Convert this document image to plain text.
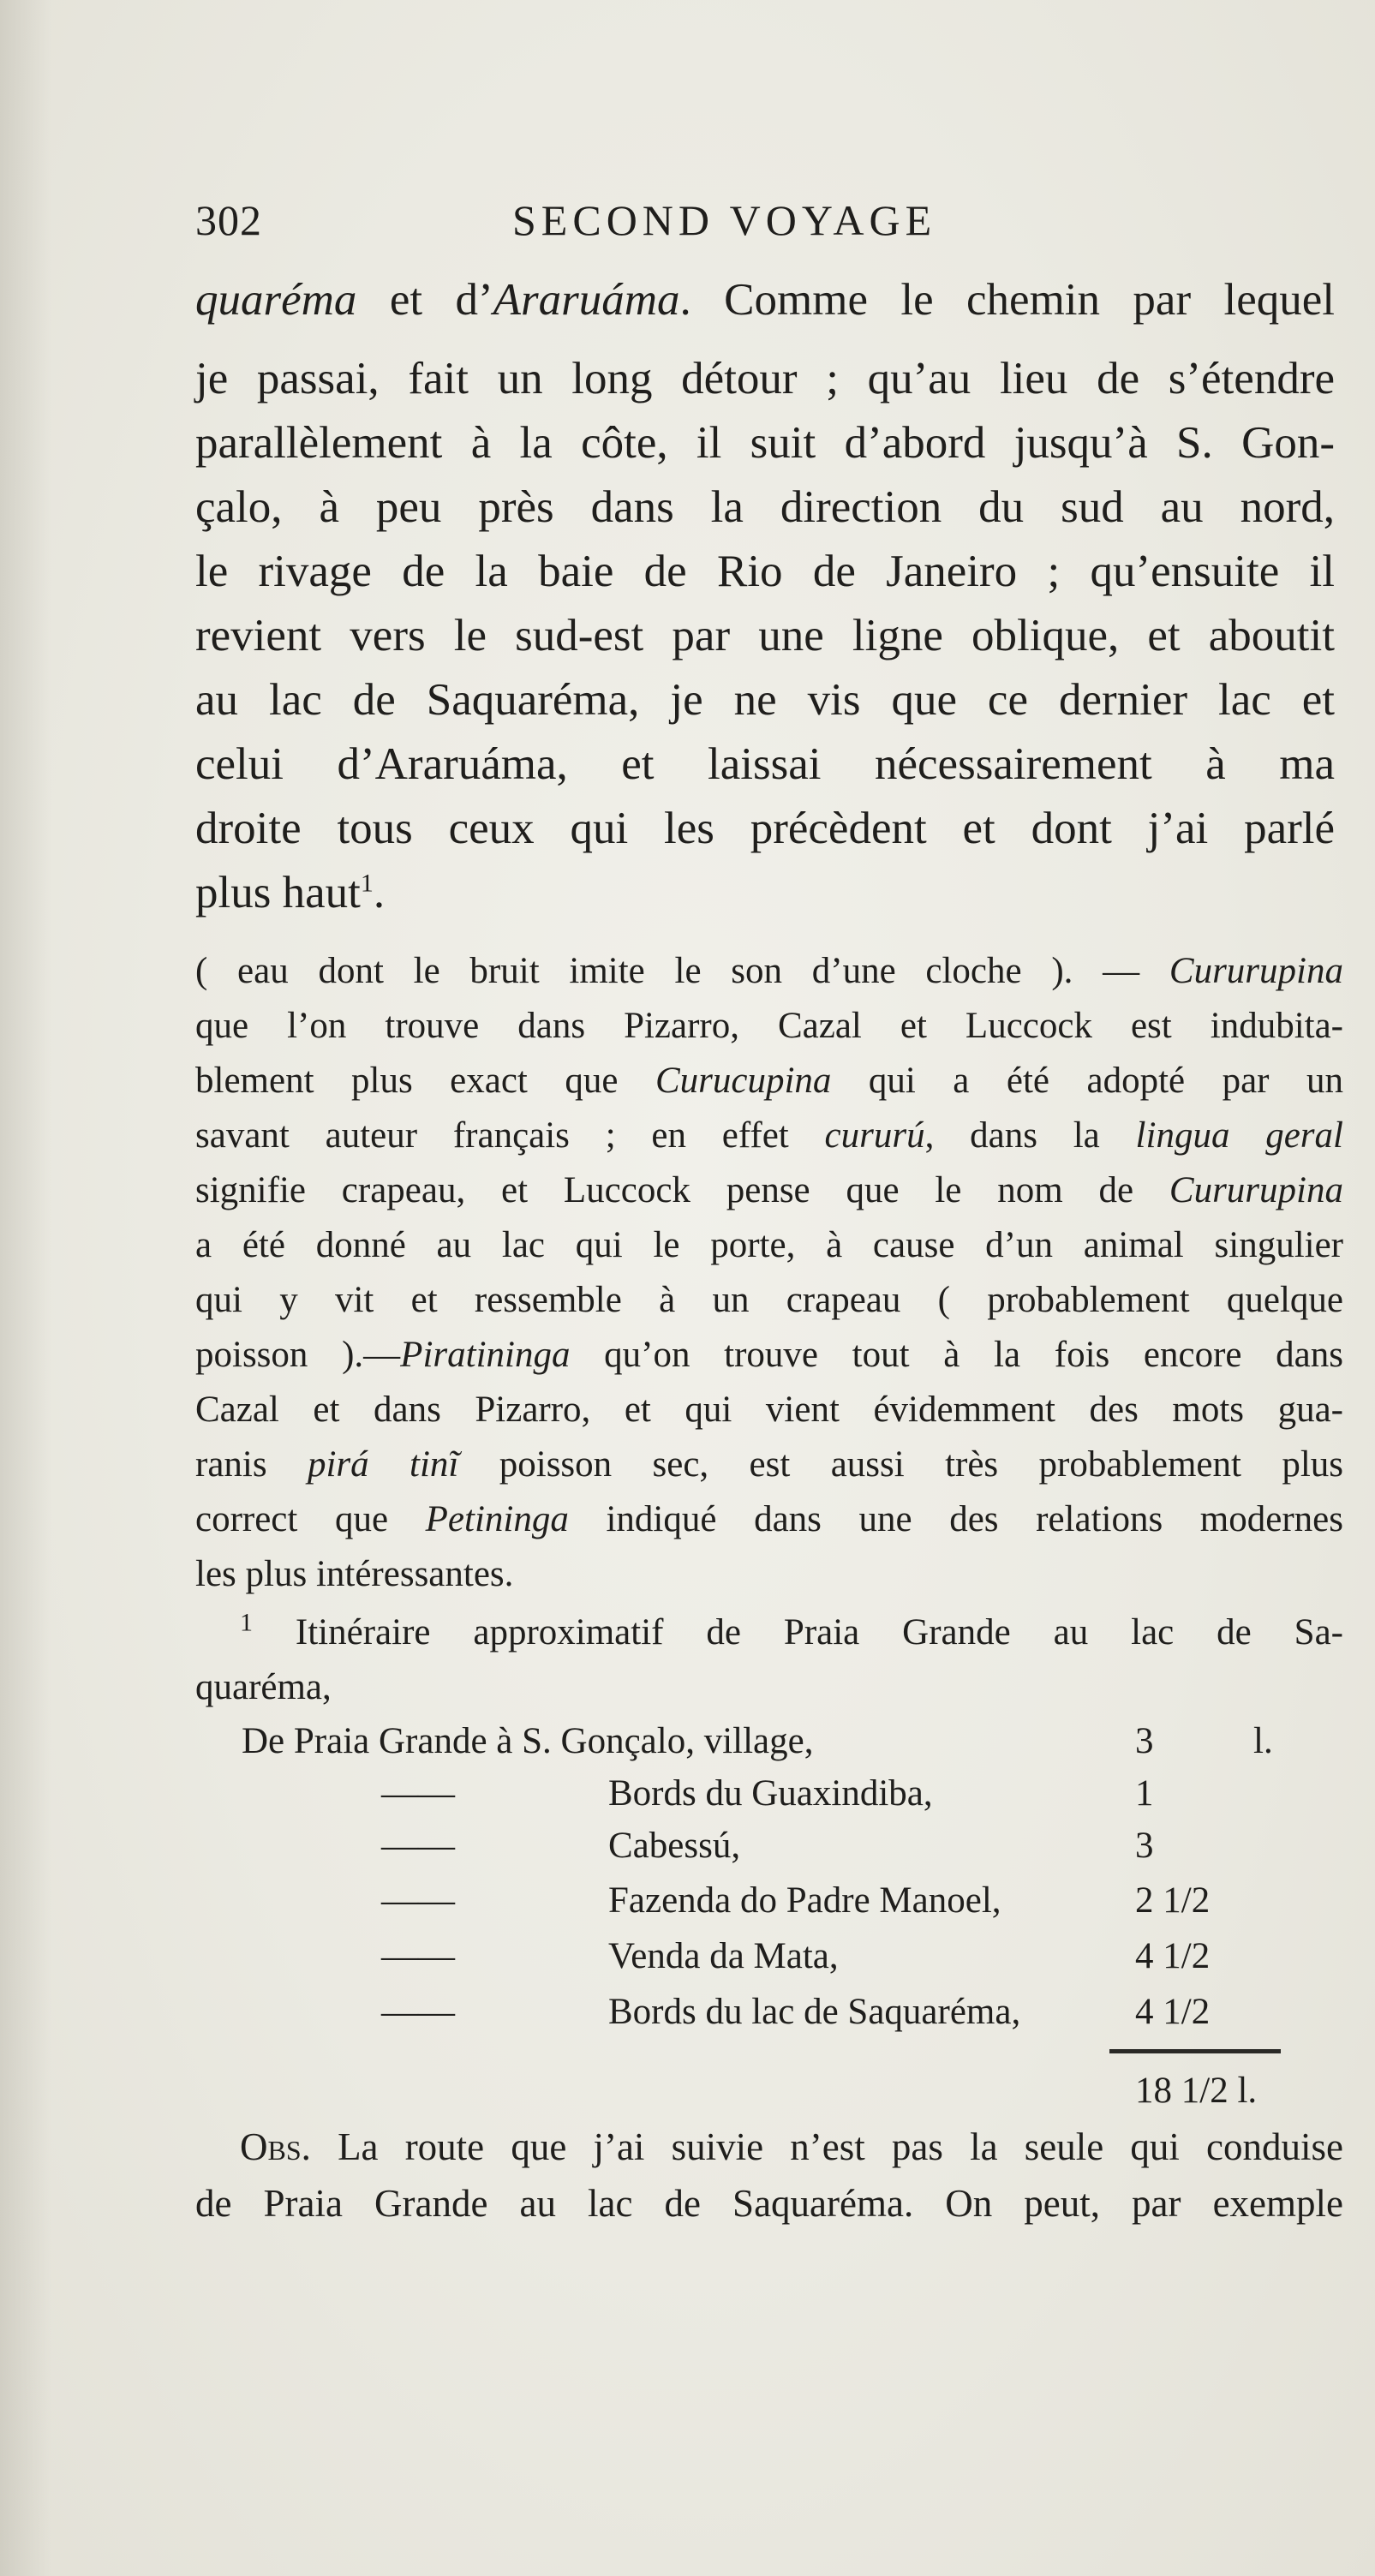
302	SECOND VOYAGE
quaréma et d’Araruáma. Comme le chemin par lequel
je passai, fait un long détour ; qu’au lieu de s’étendre
parallèlement à la côte, il suit d’abord jusqu’à S. Gon-
çalo, à peu près dans la direction du sud au nord,
le rivage de la baie de Rio de Janeiro ; qu’ensuite il
revient vers le sud-est par une ligne oblique, et aboutit
au lac de Saquaréma, je ne vis que ce dernier lac et
celui d’Araruáma, et laissai nécessairement à ma
droite tous ceux qui les précèdent et dont j’ai parlé
plus haut$^1$.
( eau dont le bruit imite le son d’une cloche ). — Cururupina
que l’on trouve dans Pizarro, Cazal et Luccock est indubita-
blement plus exact que Curucupina qui a été adopté par un
savant auteur français ; en effet cururú, dans la lingua geral
signifie crapeau, et Luccock pense que le nom de Cururupina
a été donné au lac qui le porte, à cause d’un animal singulier
qui y vit et ressemble à un crapeau ( probablement quelque
poisson ).—Piratininga qu’on trouve tout à la fois encore dans
Cazal et dans Pizarro, et qui vient évidemment des mots gua-
ranis pirá tinĩ poisson sec, est aussi très probablement plus
correct que Petininga indiqué dans une des relations modernes
les plus intéressantes.
$^1$ Itinéraire approximatif de Praia Grande au lac de Sa-
quaréma,
De Praia Grande à S. Gonçalo, village,	3	l.
——	Bords du Guaxindiba,	1
——	Cabessú,	3
——	Fazenda do Padre Manoel,	2 1/2
——	Venda da Mata,	4 1/2
——	Bords du lac de Saquaréma,	4 1/2
18 1/2 l.
Obs. La route que j’ai suivie n’est pas la seule qui conduise
de Praia Grande au lac de Saquaréma. On peut, par exemple
